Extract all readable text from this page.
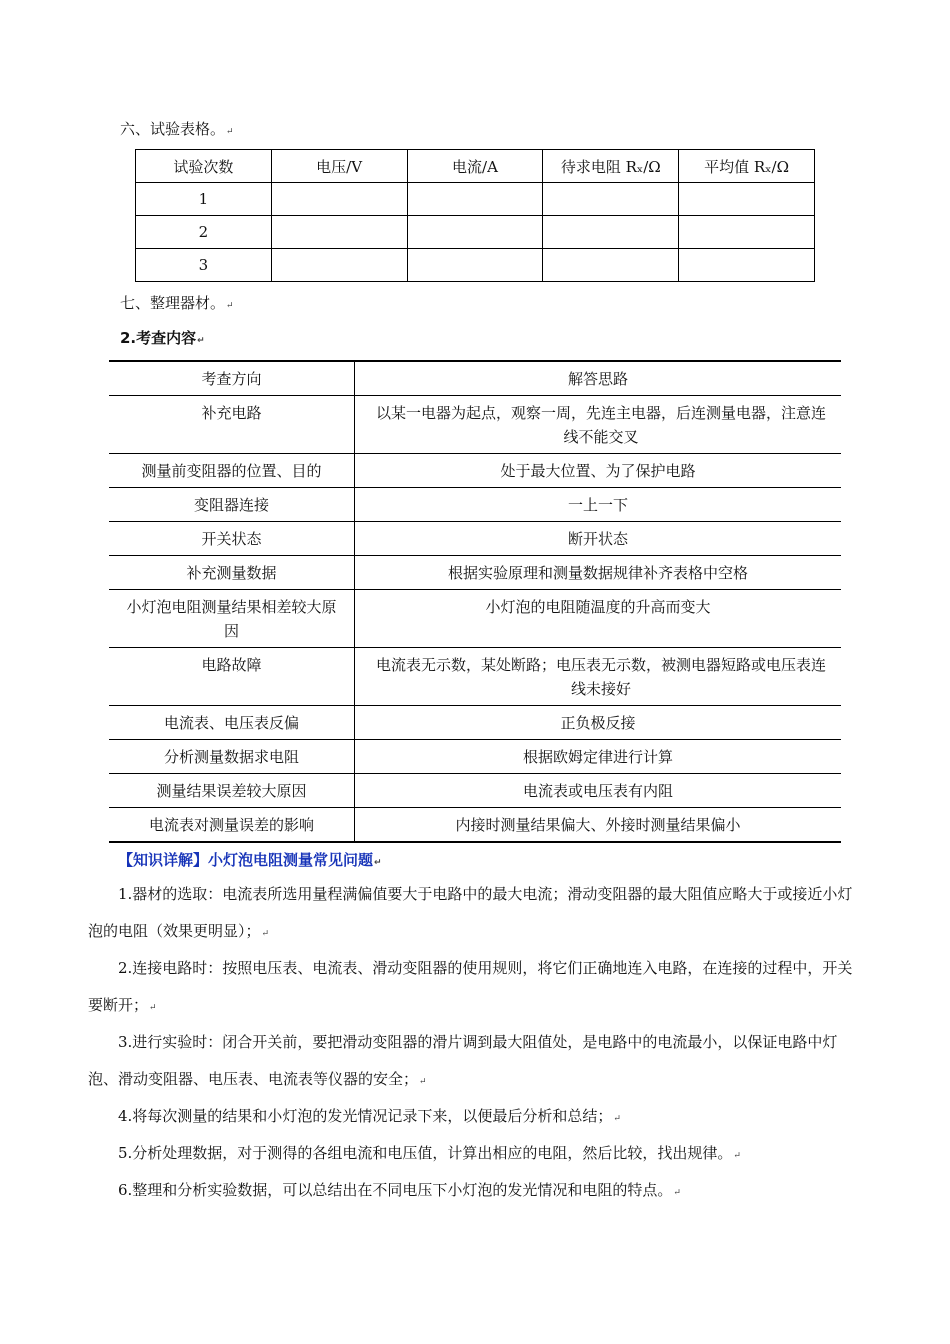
六、试验表格。↵
试验次数	电压/V	电流/A	待求电阻 Rₓ/Ω	平均值 Rₓ/Ω
1				
2				
3				
七、整理器材。↵
2.考查内容↵
考查方向	解答思路
补充电路	以某一电器为起点，观察一周，先连主电器，后连测量电器，注意连线不能交叉
测量前变阻器的位置、目的	处于最大位置、为了保护电路
变阻器连接	一上一下
开关状态	断开状态
补充测量数据	根据实验原理和测量数据规律补齐表格中空格
小灯泡电阻测量结果相差较大原因	小灯泡的电阻随温度的升高而变大
电路故障	电流表无示数，某处断路；电压表无示数，被测电器短路或电压表连线未接好
电流表、电压表反偏	正负极反接
分析测量数据求电阻	根据欧姆定律进行计算
测量结果误差较大原因	电流表或电压表有内阻
电流表对测量误差的影响	内接时测量结果偏大、外接时测量结果偏小
【知识详解】小灯泡电阻测量常见问题↵
1.器材的选取：电流表所选用量程满偏值要大于电路中的最大电流；滑动变阻器的最大阻值应略大于或接近小灯泡的电阻（效果更明显）；↵
2.连接电路时：按照电压表、电流表、滑动变阻器的使用规则，将它们正确地连入电路，在连接的过程中，开关要断开；↵
3.进行实验时：闭合开关前，要把滑动变阻器的滑片调到最大阻值处，是电路中的电流最小，以保证电路中灯泡、滑动变阻器、电压表、电流表等仪器的安全；↵
4.将每次测量的结果和小灯泡的发光情况记录下来，以便最后分析和总结；↵
5.分析处理数据，对于测得的各组电流和电压值，计算出相应的电阻，然后比较，找出规律。↵
6.整理和分析实验数据，可以总结出在不同电压下小灯泡的发光情况和电阻的特点。↵
